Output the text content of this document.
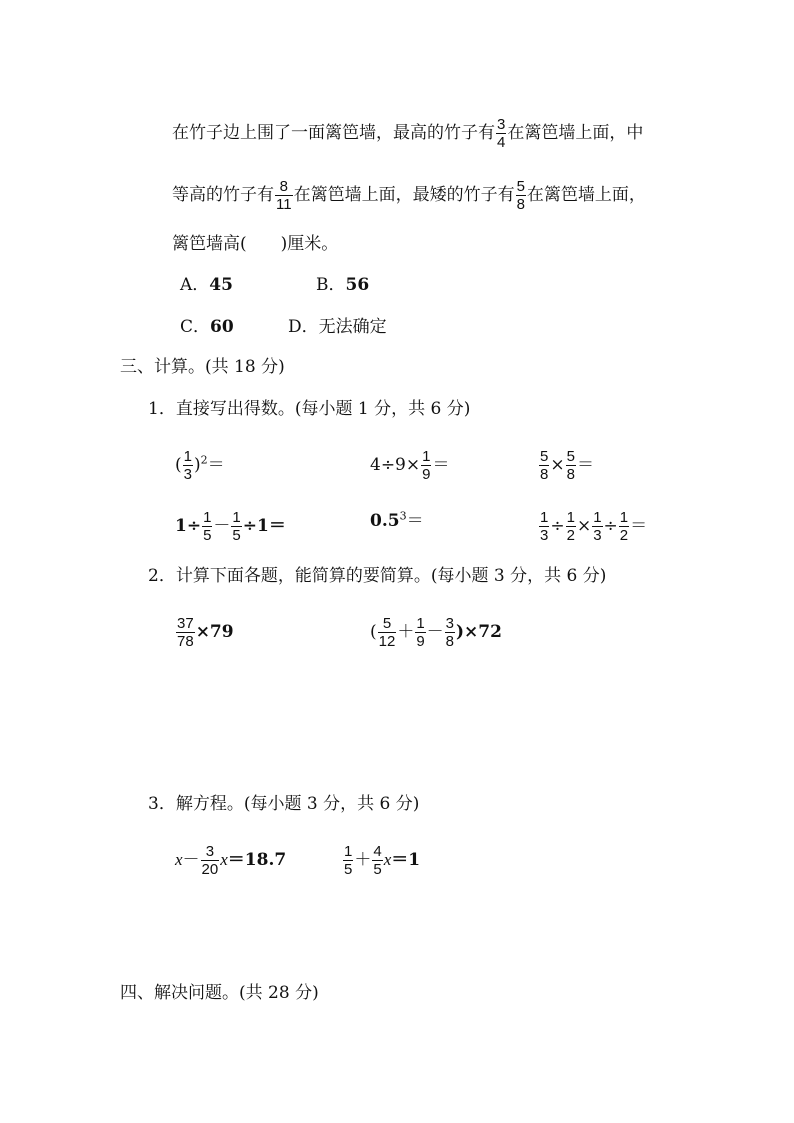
在竹子边上围了一面篱笆墙，最高的竹子有 $\frac{3}{4}$ 在篱笆墙上面，中
等高的竹子有 $\frac{8}{11}$ 在篱笆墙上面，最矮的竹子有 $\frac{5}{8}$ 在篱笆墙上面，
篱笆墙高( )厘米。
A．45	B．56
C．60	D．无法确定
三、计算。(共 18 分)
1．直接写出得数。(每小题 1 分，共 6 分)
( $\frac{1}{3} )^2=$	$4\div 9\times \frac{1}{9}$ ＝	$\frac{5}{8} \times \frac{5}{8}$ ＝
$1\div \frac{1}{5} - \frac{1}{5} \div 1=$	$0.5^3=$	$\frac{1}{3} \div \frac{1}{2} \times \frac{1}{3} \div \frac{1}{2}$ ＝
2．计算下面各题，能简算的要简算。(每小题 3 分，共 6 分)
$\frac{37}{78} \times 79$	( $\frac{5}{12} + \frac{1}{9} - \frac{3}{8} )\times 72$
3．解方程。(每小题 3 分，共 6 分)
$x- \frac{3}{20} x=18.7$	$\frac{1}{5} + \frac{4}{5} x=1$
四、解决问题。(共 28 分)
